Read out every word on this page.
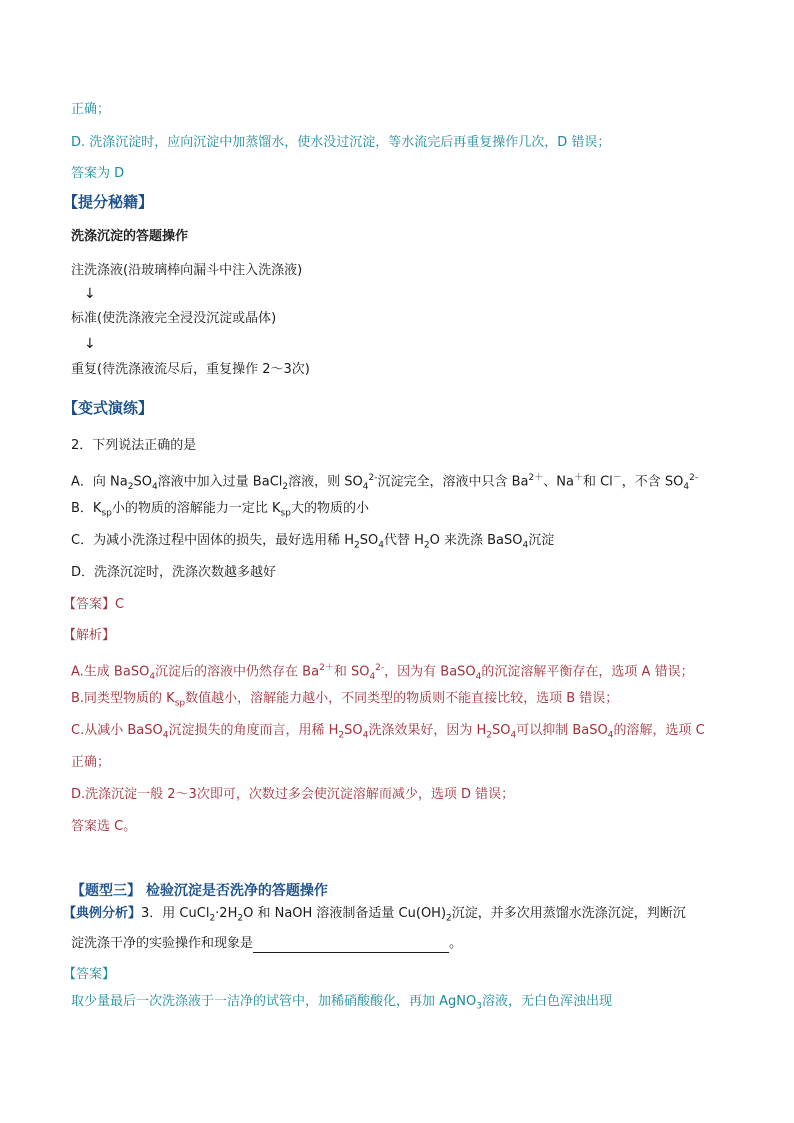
正确；
D. 洗涤沉淀时，应向沉淀中加蒸馏水，使水没过沉淀，等水流完后再重复操作几次，D 错误；
答案为 D
【提分秘籍】
洗涤沉淀的答题操作
注洗涤液(沿玻璃棒向漏斗中注入洗涤液)
↓
标准(使洗涤液完全浸没沉淀或晶体)
↓
重复(待洗涤液流尽后，重复操作 2～3次)
【变式演练】
2．下列说法正确的是
A．向 $Na_2SO_4$溶液中加入过量 BaCl$_2$溶液，则 $SO_4^{2-}$沉淀完全，溶液中只含 $Ba^{2+}$、Na＋和 Cl－，不含 $SO_4^{2-}$
B．$K_{sp}$小的物质的溶解能力一定比 $K_{sp}$大的物质的小
C．为减小洗涤过程中固体的损失，最好选用稀 $H_2SO_4$代替 $H_2O$ 来洗涤 BaSO$_4$沉淀
D．洗涤沉淀时，洗涤次数越多越好
【答案】C
【解析】
A.生成 BaSO$_4$沉淀后的溶液中仍然存在 $Ba^{2+}$和 $SO_4^{2-}$，因为有 BaSO$_4$的沉淀溶解平衡存在，选项 A 错误；
B.同类型物质的 $K_{sp}$数值越小，溶解能力越小，不同类型的物质则不能直接比较，选项 B 错误；
C.从减小 BaSO$_4$沉淀损失的角度而言，用稀 $H_2SO_4$洗涤效果好，因为 $H_2SO_4$可以抑制 BaSO$_4$的溶解，选项 C
正确；
D.洗涤沉淀一般 2～3次即可，次数过多会使沉淀溶解而减少，选项 D 错误；
答案选 C。
【题型三】 检验沉淀是否洗净的答题操作
【典例分析】3．用 $CuCl_2\cdot 2H_2O$ 和 NaOH 溶液制备适量 $Cu(OH)_2$沉淀，并多次用蒸馏水洗涤沉淀，判断沉
淀洗涤干净的实验操作和现象是	。
【答案】
取少量最后一次洗涤液于一洁净的试管中，加稀硝酸酸化，再加 AgNO$_3$溶液，无白色浑浊出现
